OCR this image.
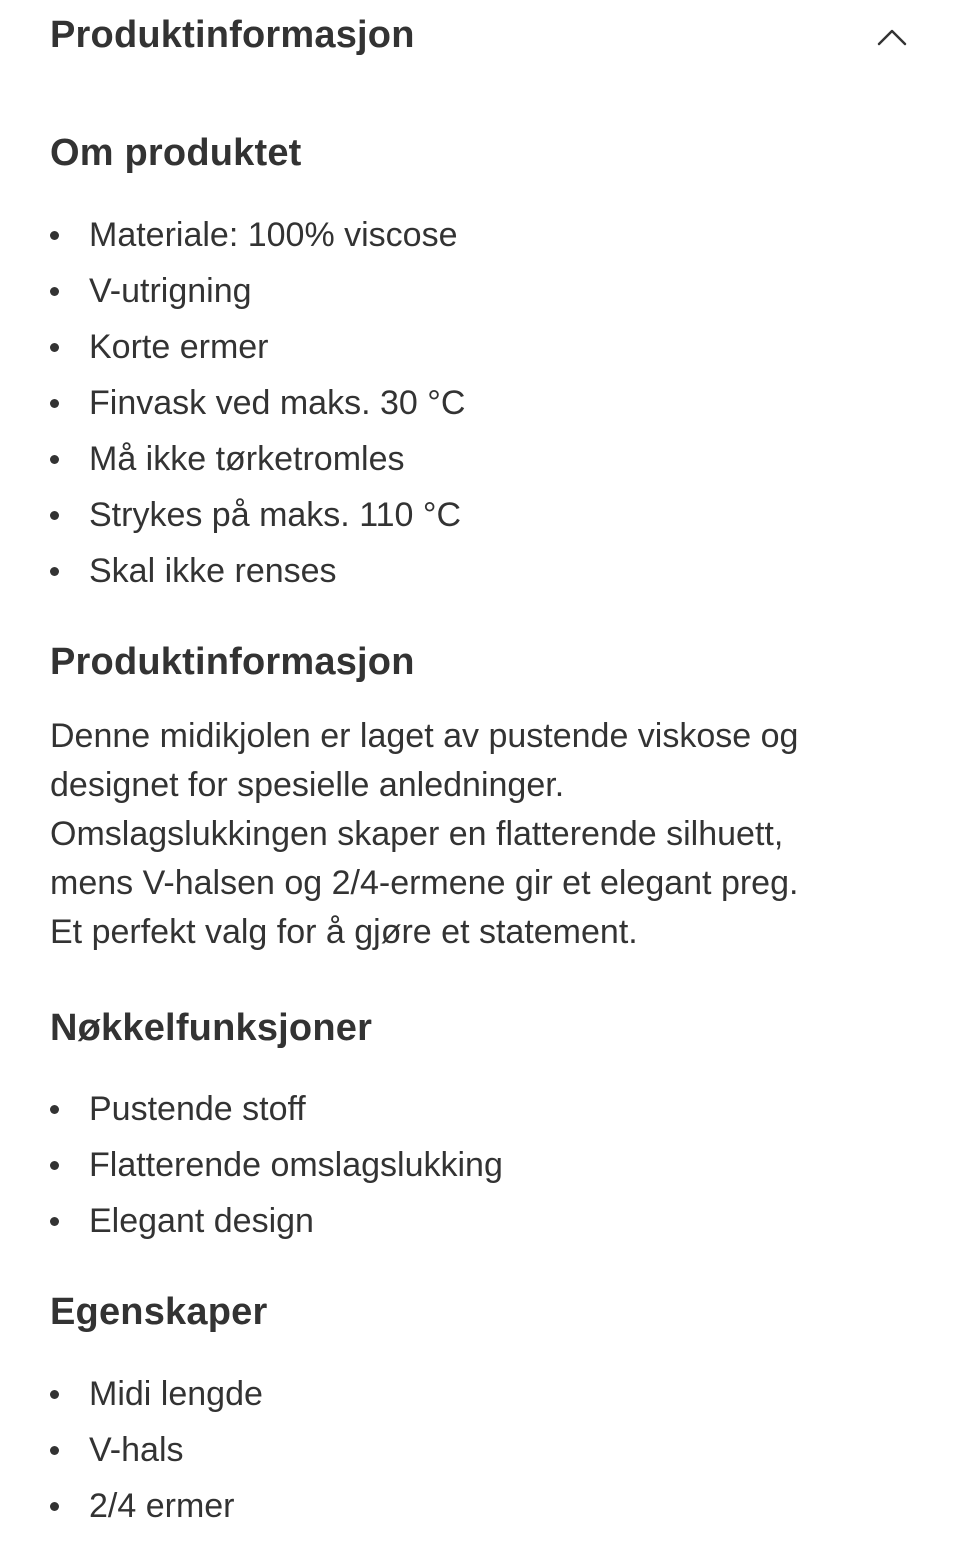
Produktinformasjon
Om produktet
Materiale: 100% viscose
V-utrigning
Korte ermer
Finvask ved maks. 30 °C
Må ikke tørketromles
Strykes på maks. 110 °C
Skal ikke renses
Produktinformasjon

Denne midikjolen er laget av pustende viskose og
designet for spesielle anledninger.
Omslagslukkingen skaper en flatterende silhuett,
mens V-halsen og 2/4-ermene gir et elegant preg.
Et perfekt valg for å gjøre et statement.

Nøkkelfunksjoner
Pustende stoff
Flatterende omslagslukking
Elegant design
Egenskaper
Midi lengde
V-hals
2/4 ermer
